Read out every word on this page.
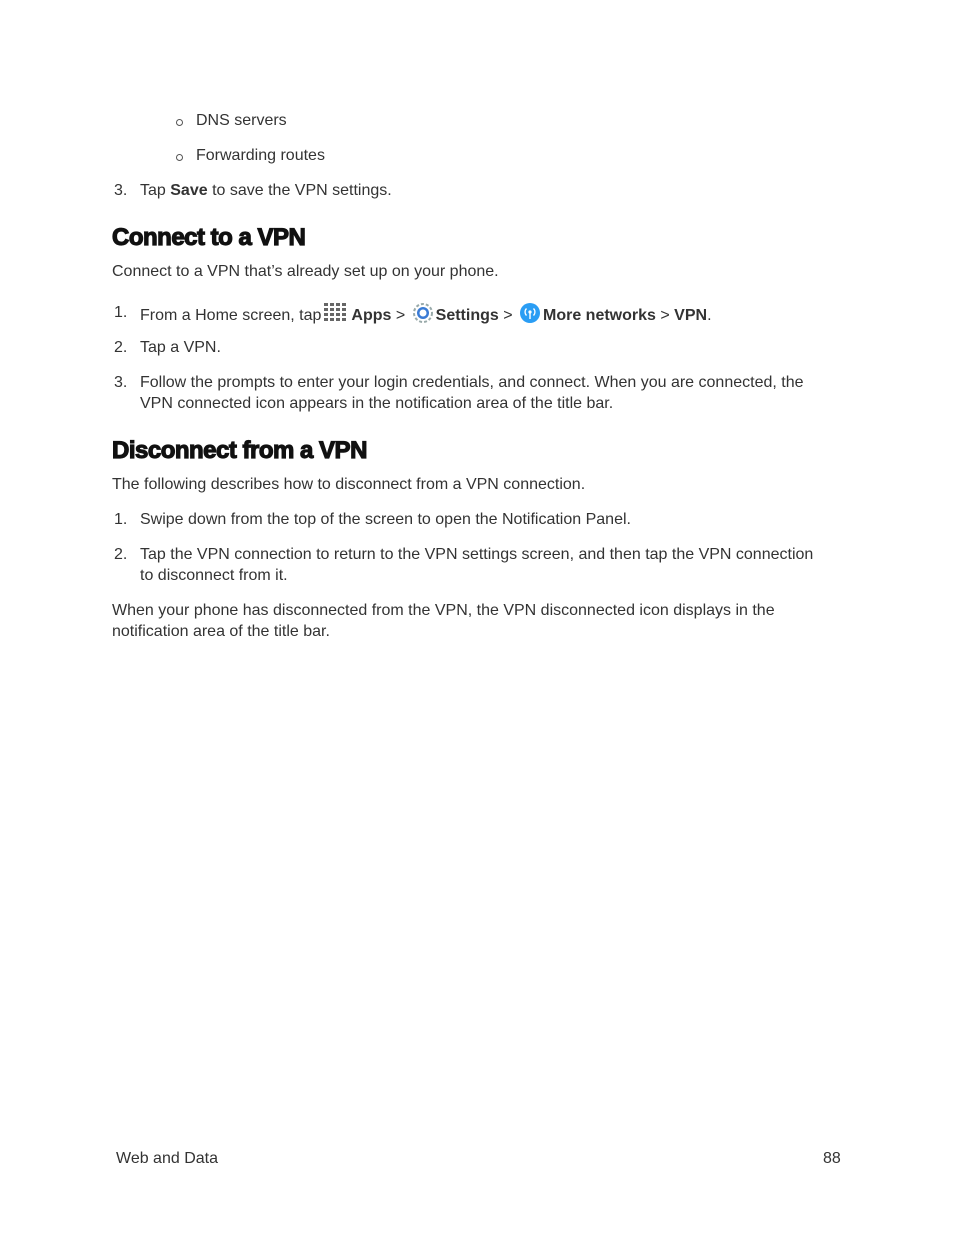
DNS servers
Forwarding routes
3. Tap Save to save the VPN settings.
Connect to a VPN
Connect to a VPN that’s already set up on your phone.
1. From a Home screen, tap Apps > Settings > More networks > VPN.
2. Tap a VPN.
3. Follow the prompts to enter your login credentials, and connect. When you are connected, the
VPN connected icon appears in the notification area of the title bar.
Disconnect from a VPN
The following describes how to disconnect from a VPN connection.
1. Swipe down from the top of the screen to open the Notification Panel.
2. Tap the VPN connection to return to the VPN settings screen, and then tap the VPN connection
to disconnect from it.
When your phone has disconnected from the VPN, the VPN disconnected icon displays in the
notification area of the title bar.
Web and Data	88
